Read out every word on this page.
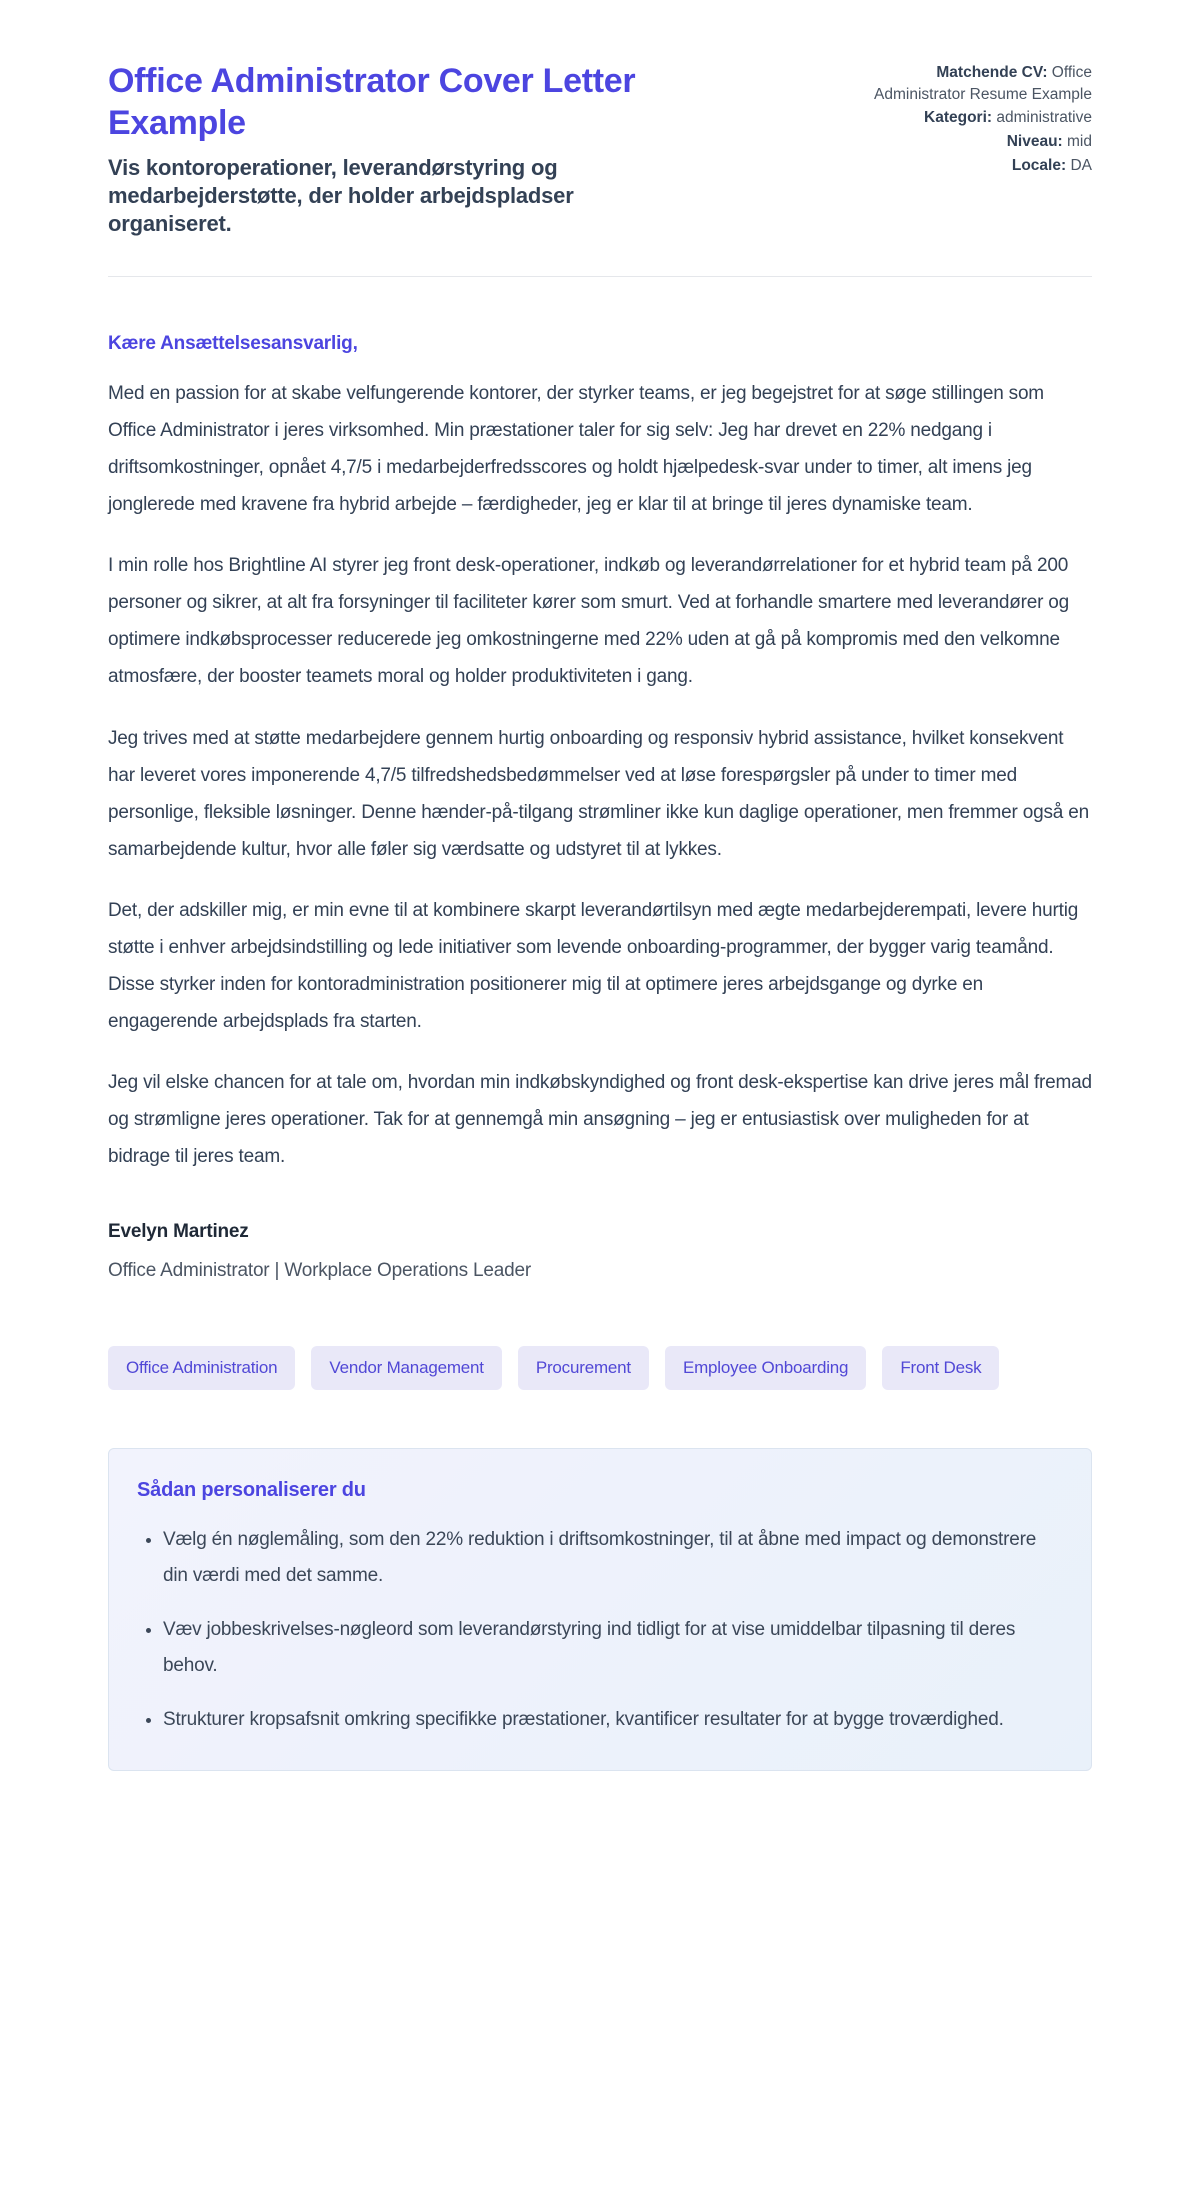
Office Administrator Cover Letter Example
Vis kontoroperationer, leverandørstyring og medarbejderstøtte, der holder arbejdspladser organiseret.
Matchende CV: Office Administrator Resume Example
Kategori: administrative
Niveau: mid
Locale: DA

Kære Ansættelsesansvarlig,

Med en passion for at skabe velfungerende kontorer, der styrker teams, er jeg begejstret for at søge stillingen som Office Administrator i jeres virksomhed. Min præstationer taler for sig selv: Jeg har drevet en 22% nedgang i driftsomkostninger, opnået 4,7/5 i medarbejderfredsscores og holdt hjælpedesk-svar under to timer, alt imens jeg jonglerede med kravene fra hybrid arbejde – færdigheder, jeg er klar til at bringe til jeres dynamiske team.

I min rolle hos Brightline AI styrer jeg front desk-operationer, indkøb og leverandørrelationer for et hybrid team på 200 personer og sikrer, at alt fra forsyninger til faciliteter kører som smurt. Ved at forhandle smartere med leverandører og optimere indkøbsprocesser reducerede jeg omkostningerne med 22% uden at gå på kompromis med den velkomne atmosfære, der booster teamets moral og holder produktiviteten i gang.

Jeg trives med at støtte medarbejdere gennem hurtig onboarding og responsiv hybrid assistance, hvilket konsekvent har leveret vores imponerende 4,7/5 tilfredshedsbedømmelser ved at løse forespørgsler på under to timer med personlige, fleksible løsninger. Denne hænder-på-tilgang strømliner ikke kun daglige operationer, men fremmer også en samarbejdende kultur, hvor alle føler sig værdsatte og udstyret til at lykkes.

Det, der adskiller mig, er min evne til at kombinere skarpt leverandørtilsyn med ægte medarbejderempati, levere hurtig støtte i enhver arbejdsindstilling og lede initiativer som levende onboarding-programmer, der bygger varig teamånd. Disse styrker inden for kontoradministration positionerer mig til at optimere jeres arbejdsgange og dyrke en engagerende arbejdsplads fra starten.

Jeg vil elske chancen for at tale om, hvordan min indkøbskyndighed og front desk-ekspertise kan drive jeres mål fremad og strømligne jeres operationer. Tak for at gennemgå min ansøgning – jeg er entusiastisk over muligheden for at bidrage til jeres team.

Evelyn Martinez

Office Administrator | Workplace Operations Leader

Office Administration	Vendor Management	Procurement	Employee Onboarding	Front Desk
Sådan personaliserer du
• Vælg én nøglemåling, som den 22% reduktion i driftsomkostninger, til at åbne med impact og demonstrere din værdi med det samme.
• Væv jobbeskrivelses-nøgleord som leverandørstyring ind tidligt for at vise umiddelbar tilpasning til deres behov.
• Strukturer kropsafsnit omkring specifikke præstationer, kvantificer resultater for at bygge troværdighed.
